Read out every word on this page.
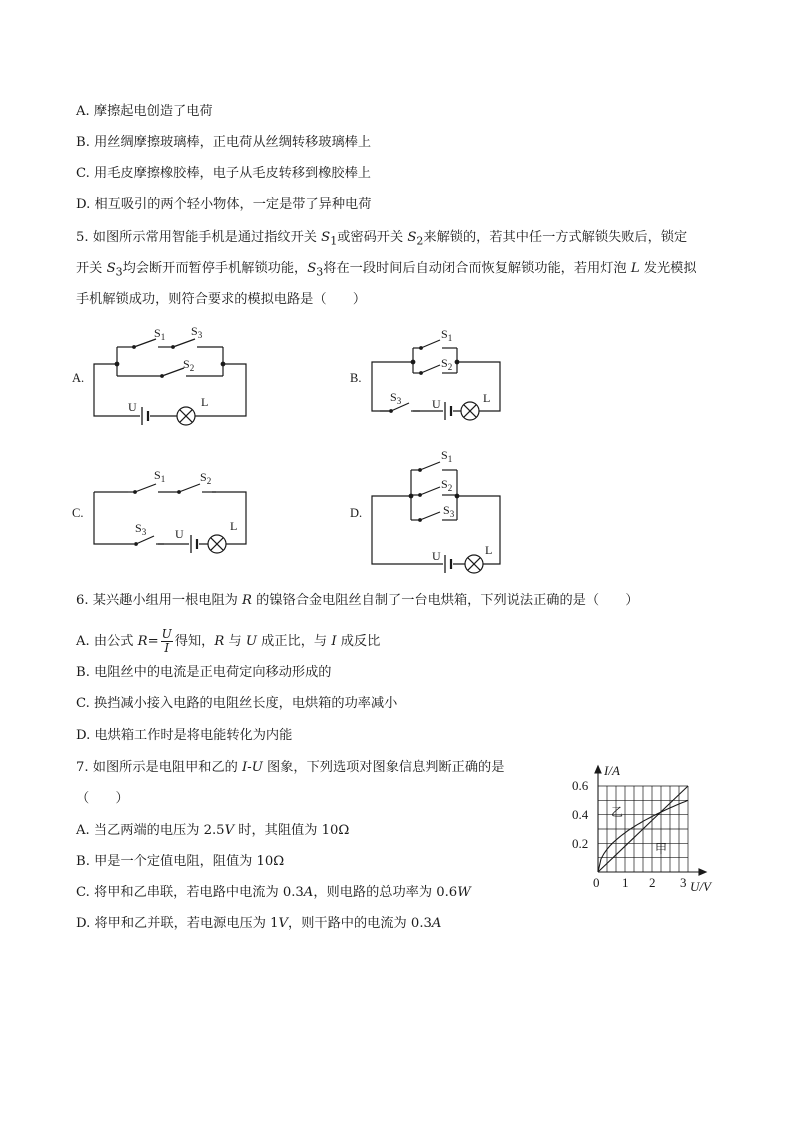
A. 摩擦起电创造了电荷
B. 用丝绸摩擦玻璃棒，正电荷从丝绸转移玻璃棒上
C. 用毛皮摩擦橡胶棒，电子从毛皮转移到橡胶棒上
D. 相互吸引的两个轻小物体，一定是带了异种电荷
5. 如图所示常用智能手机是通过指纹开关 $S_1$或密码开关 $S_2$来解锁的，若其中任一方式解锁失败后，锁定
开关 $S_3$均会断开而暂停手机解锁功能，$S_3$将在一段时间后自动闭合而恢复解锁功能，若用灯泡 L 发光模拟
手机解锁成功，则符合要求的模拟电路是（　　）
A.
$S_1$ $S_3$
$S_2$
U	L
B.
$S_1$
$S_2$
$S_3$	U	L
C.
$S_1$	$S_2$
$S_3$ U
L
D.
$S_1$
$S_2$
$S_3$
U	L
6. 某兴趣小组用一根电阻为 R 的镍铬合金电阻丝自制了一台电烘箱，下列说法正确的是（　　）
A. 由公式 $R= \frac{U}{I}$ 得知，R 与 U 成正比，与 I 成反比
B. 电阻丝中的电流是正电荷定向移动形成的
C. 换挡减小接入电路的电阻丝长度，电烘箱的功率减小
D. 电烘箱工作时是将电能转化为内能
7. 如图所示是电阻甲和乙的 I-U 图象，下列选项对图象信息判断正确的是
（　　）
A. 当乙两端的电压为 2.5V 时，其阻值为 10Ω
B. 甲是一个定值电阻，阻值为 10Ω
C. 将甲和乙串联，若电路中电流为 0.3A，则电路的总功率为 0.6W
D. 将甲和乙并联，若电源电压为 1V，则干路中的电流为 0.3A
I/A
0.6
0.4
0.2
0 1 2 3 U/V
乙
甲
